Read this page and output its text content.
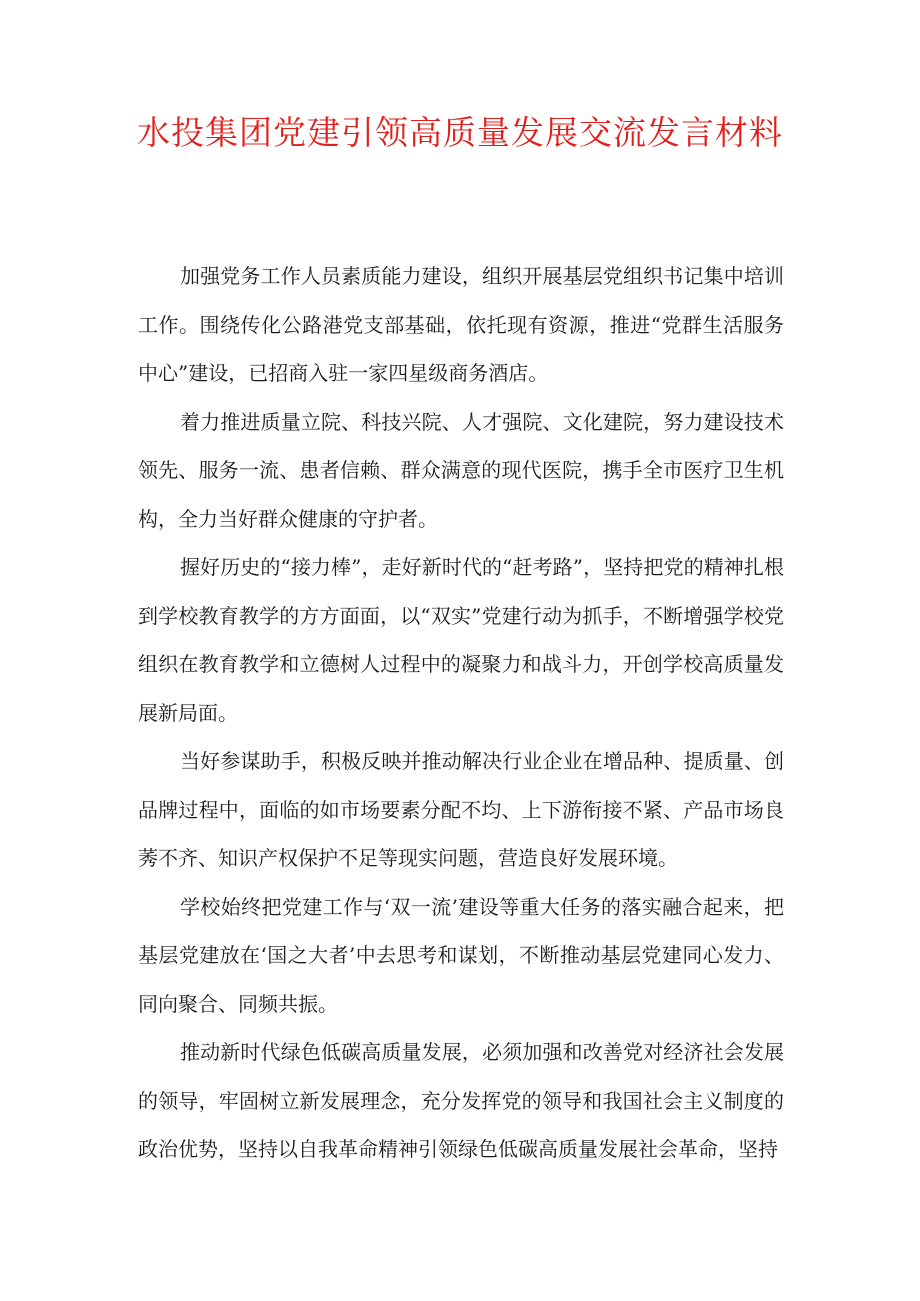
水投集团党建引领高质量发展交流发言材料

加强党务工作人员素质能力建设，组织开展基层党组织书记集中培训工作。围绕传化公路港党支部基础，依托现有资源，推进“党群生活服务中心”建设，已招商入驻一家四星级商务酒店。

着力推进质量立院、科技兴院、人才强院、文化建院，努力建设技术领先、服务一流、患者信赖、群众满意的现代医院，携手全市医疗卫生机构，全力当好群众健康的守护者。

握好历史的“接力棒”，走好新时代的“赶考路”，坚持把党的精神扎根到学校教育教学的方方面面，以“双实”党建行动为抓手，不断增强学校党组织在教育教学和立德树人过程中的凝聚力和战斗力，开创学校高质量发展新局面。

当好参谋助手，积极反映并推动解决行业企业在增品种、提质量、创品牌过程中，面临的如市场要素分配不均、上下游衔接不紧、产品市场良莠不齐、知识产权保护不足等现实问题，营造良好发展环境。

学校始终把党建工作与‘双一流’建设等重大任务的落实融合起来，把基层党建放在‘国之大者’中去思考和谋划，不断推动基层党建同心发力、同向聚合、同频共振。

推动新时代绿色低碳高质量发展，必须加强和改善党对经济社会发展的领导，牢固树立新发展理念，充分发挥党的领导和我国社会主义制度的政治优势，坚持以自我革命精神引领绿色低碳高质量发展社会革命，坚持
